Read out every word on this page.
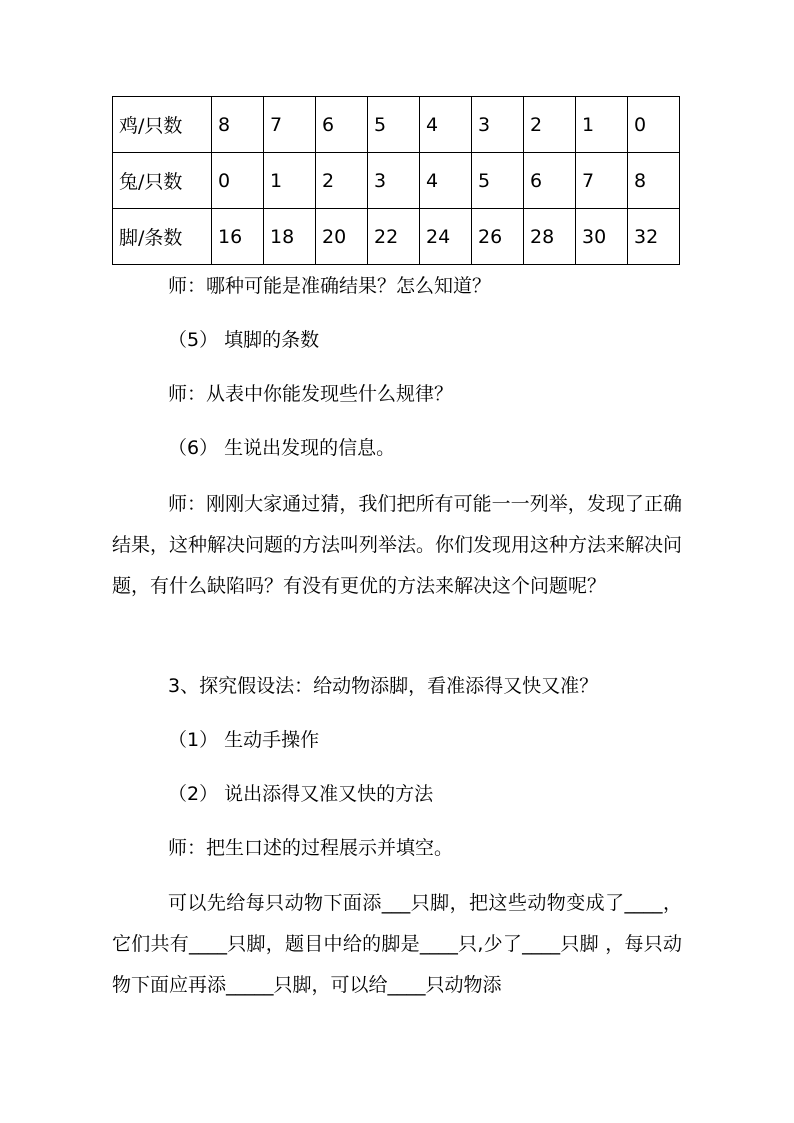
鸡/只数	8	7	6	5	4	3	2	1	0
兔/只数	0	1	2	3	4	5	6	7	8
脚/条数	16	18	20	22	24	26	28	30	32

师：哪种可能是准确结果？怎么知道？

（5） 填脚的条数

师：从表中你能发现些什么规律？

（6） 生说出发现的信息。

师：刚刚大家通过猜，我们把所有可能一一列举，发现了正确结果，这种解决问题的方法叫列举法。你们发现用这种方法来解决问题，有什么缺陷吗？有没有更优的方法来解决这个问题呢？

3、探究假设法：给动物添脚，看准添得又快又准？

（1） 生动手操作

（2） 说出添得又准又快的方法

师：把生口述的过程展示并填空。

可以先给每只动物下面添___只脚，把这些动物变成了____，它们共有____只脚，题目中给的脚是____只,少了____只脚 ，每只动物下面应再添_____只脚，可以给____只动物添
